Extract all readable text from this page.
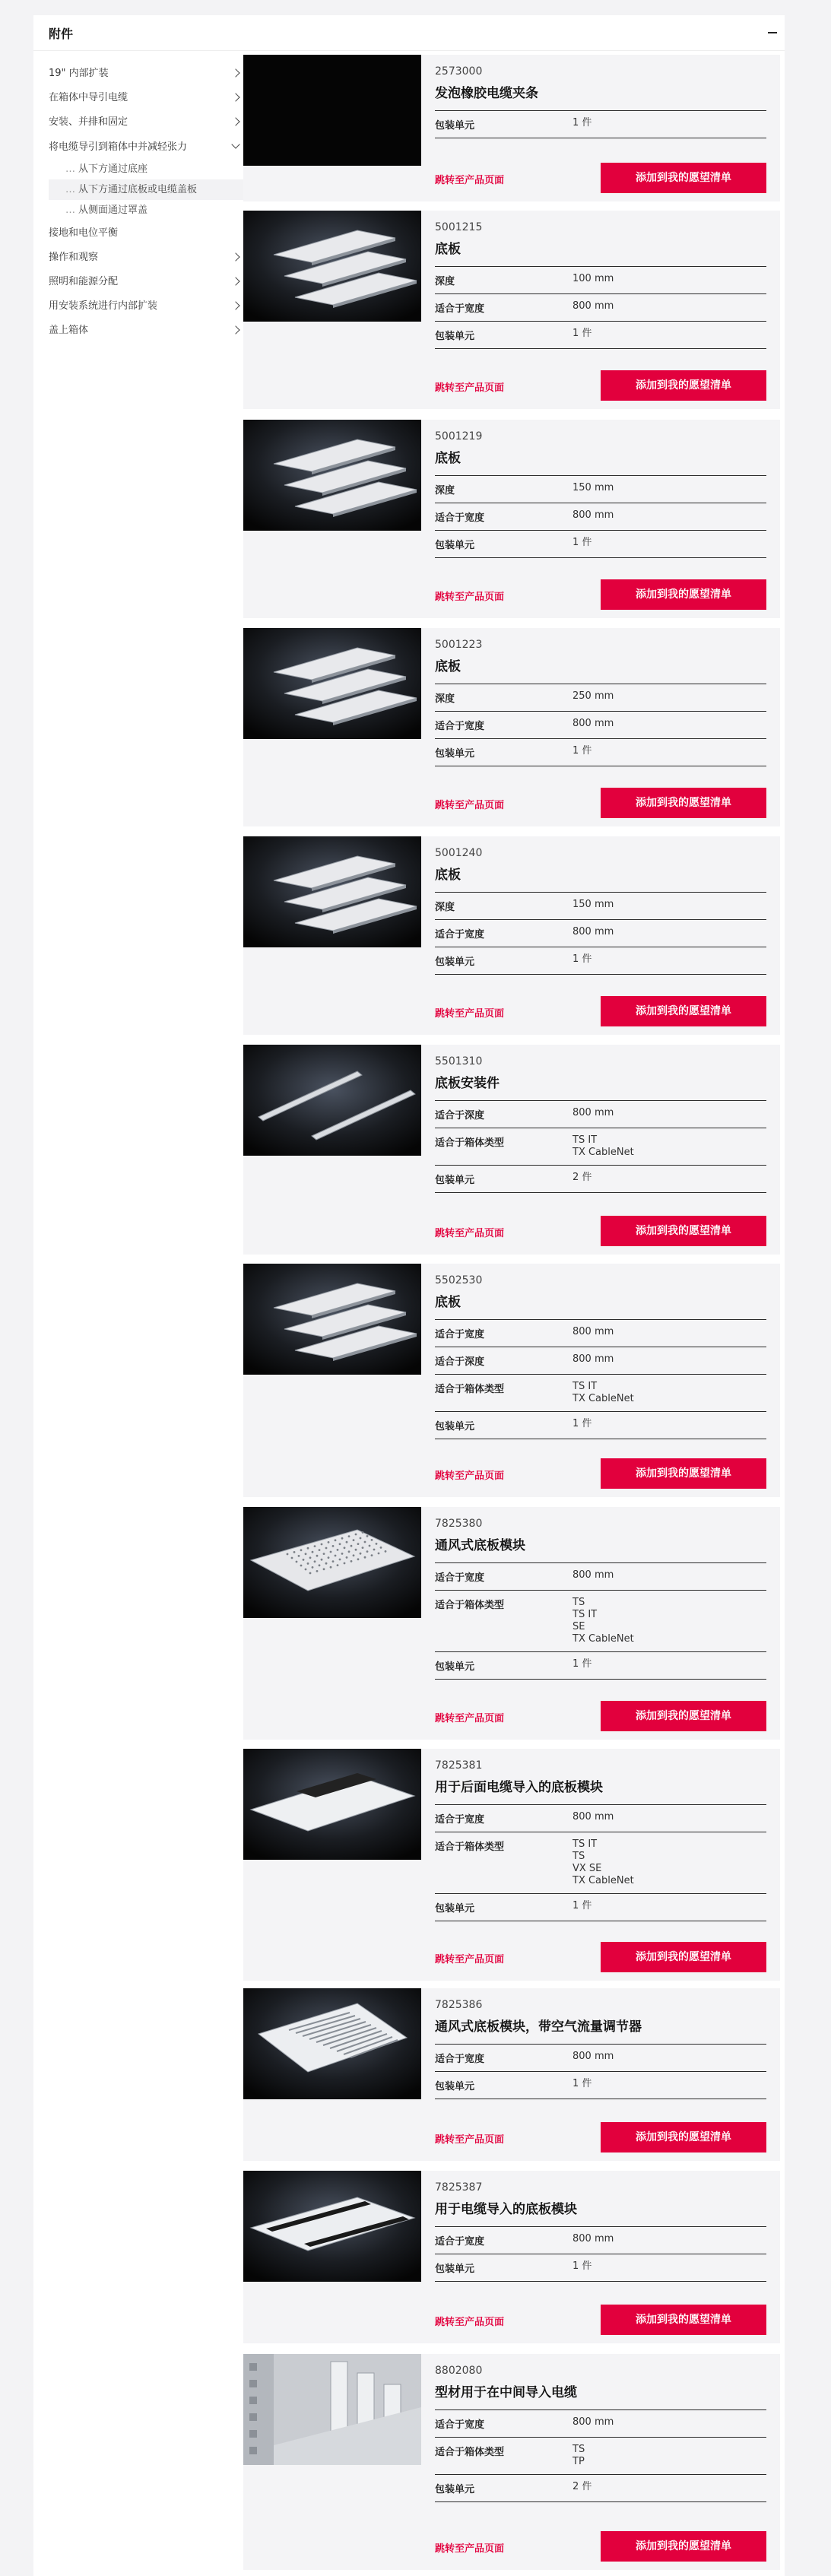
附件
19" 内部扩装
在箱体中导引电缆
安装、并排和固定
将电缆导引到箱体中并减轻张力
… 从下方通过底座
… 从下方通过底板或电缆盖板
… 从侧面通过罩盖
接地和电位平衡
操作和观察
照明和能源分配
用安装系统进行内部扩装
盖上箱体
2573000
发泡橡胶电缆夹条
包装单元	1 件
跳转至产品页面	添加到我的愿望清单
5001215
底板
深度	100 mm
适合于宽度	800 mm
包装单元	1 件
跳转至产品页面	添加到我的愿望清单
5001219
底板
深度	150 mm
适合于宽度	800 mm
包装单元	1 件
跳转至产品页面	添加到我的愿望清单
5001223
底板
深度	250 mm
适合于宽度	800 mm
包装单元	1 件
跳转至产品页面	添加到我的愿望清单
5001240
底板
深度	150 mm
适合于宽度	800 mm
包装单元	1 件
跳转至产品页面	添加到我的愿望清单
5501310
底板安装件
适合于深度	800 mm
适合于箱体类型	TS IT
TX CableNet
包装单元	2 件
跳转至产品页面	添加到我的愿望清单
5502530
底板
适合于宽度	800 mm
适合于深度	800 mm
适合于箱体类型	TS IT
TX CableNet
包装单元	1 件
跳转至产品页面	添加到我的愿望清单
7825380
通风式底板模块
适合于宽度	800 mm
适合于箱体类型	TS
TS IT
SE
TX CableNet
包装单元	1 件
跳转至产品页面	添加到我的愿望清单
7825381
用于后面电缆导入的底板模块
适合于宽度	800 mm
适合于箱体类型	TS IT
TS
VX SE
TX CableNet
包装单元	1 件
跳转至产品页面	添加到我的愿望清单
7825386
通风式底板模块，带空气流量调节器
适合于宽度	800 mm
包装单元	1 件
跳转至产品页面	添加到我的愿望清单
7825387
用于电缆导入的底板模块
适合于宽度	800 mm
包装单元	1 件
跳转至产品页面	添加到我的愿望清单
8802080
型材用于在中间导入电缆
适合于宽度	800 mm
适合于箱体类型	TS
TP
包装单元	2 件
跳转至产品页面	添加到我的愿望清单
